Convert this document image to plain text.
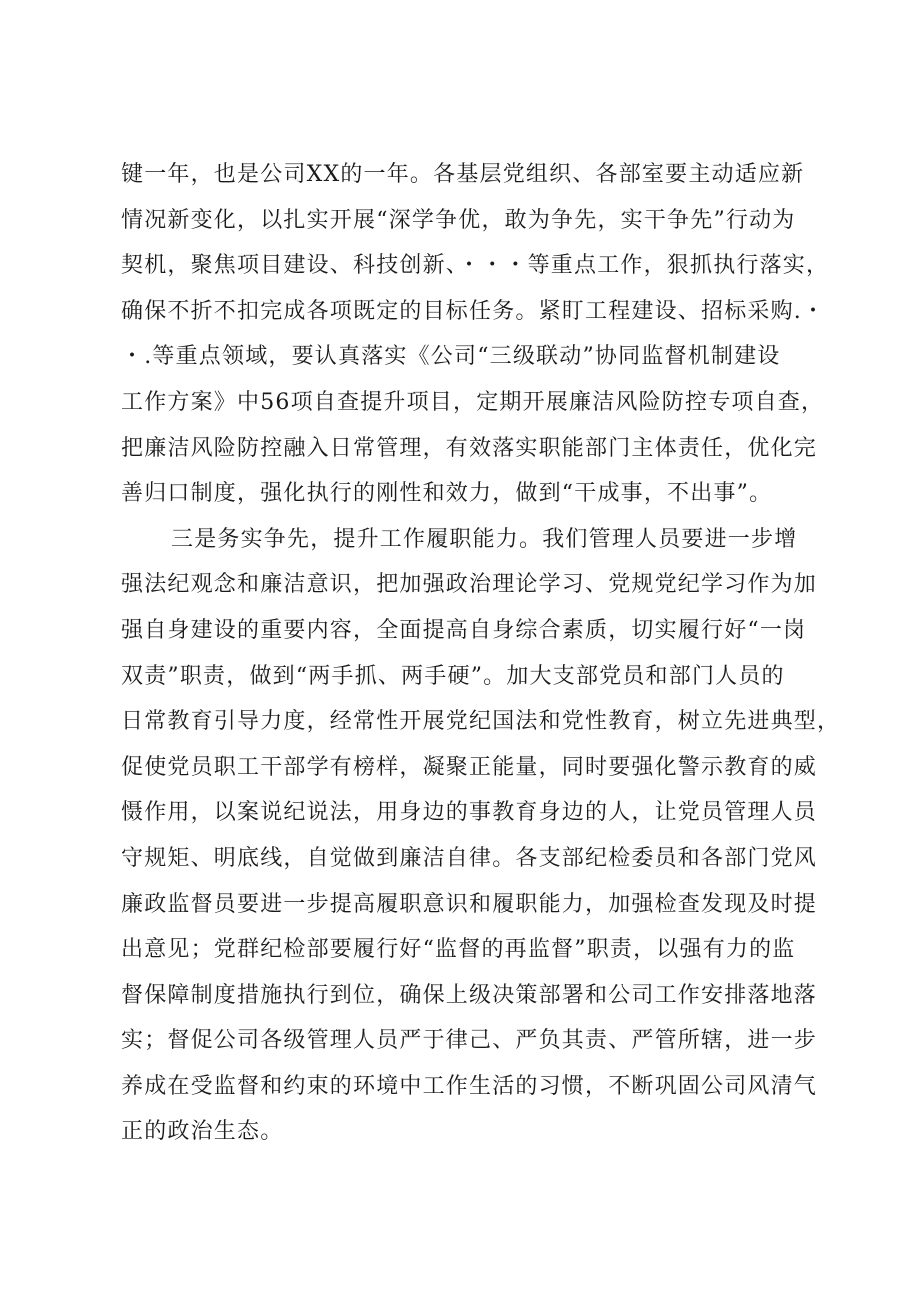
键一年，也是公司XX的一年。各基层党组织、各部室要主动适应新
情况新变化，以扎实开展“深学争优，敢为争先，实干争先”行动为
契机，聚焦项目建设、科技创新、・・・等重点工作，狠抓执行落实，
确保不折不扣完成各项既定的目标任务。紧盯工程建设、招标采购.・
・.等重点领域，要认真落实《公司“三级联动”协同监督机制建设
工作方案》中56项自查提升项目，定期开展廉洁风险防控专项自查，
把廉洁风险防控融入日常管理，有效落实职能部门主体责任，优化完
善归口制度，强化执行的刚性和效力，做到“干成事，不出事”。
三是务实争先，提升工作履职能力。我们管理人员要进一步增
强法纪观念和廉洁意识，把加强政治理论学习、党规党纪学习作为加
强自身建设的重要内容，全面提高自身综合素质，切实履行好“一岗
双责”职责，做到“两手抓、两手硬”。加大支部党员和部门人员的
日常教育引导力度，经常性开展党纪国法和党性教育，树立先进典型，
促使党员职工干部学有榜样，凝聚正能量，同时要强化警示教育的威
慑作用，以案说纪说法，用身边的事教育身边的人，让党员管理人员
守规矩、明底线，自觉做到廉洁自律。各支部纪检委员和各部门党风
廉政监督员要进一步提高履职意识和履职能力，加强检查发现及时提
出意见；党群纪检部要履行好“监督的再监督”职责，以强有力的监
督保障制度措施执行到位，确保上级决策部署和公司工作安排落地落
实；督促公司各级管理人员严于律己、严负其责、严管所辖，进一步
养成在受监督和约束的环境中工作生活的习惯，不断巩固公司风清气
正的政治生态。
